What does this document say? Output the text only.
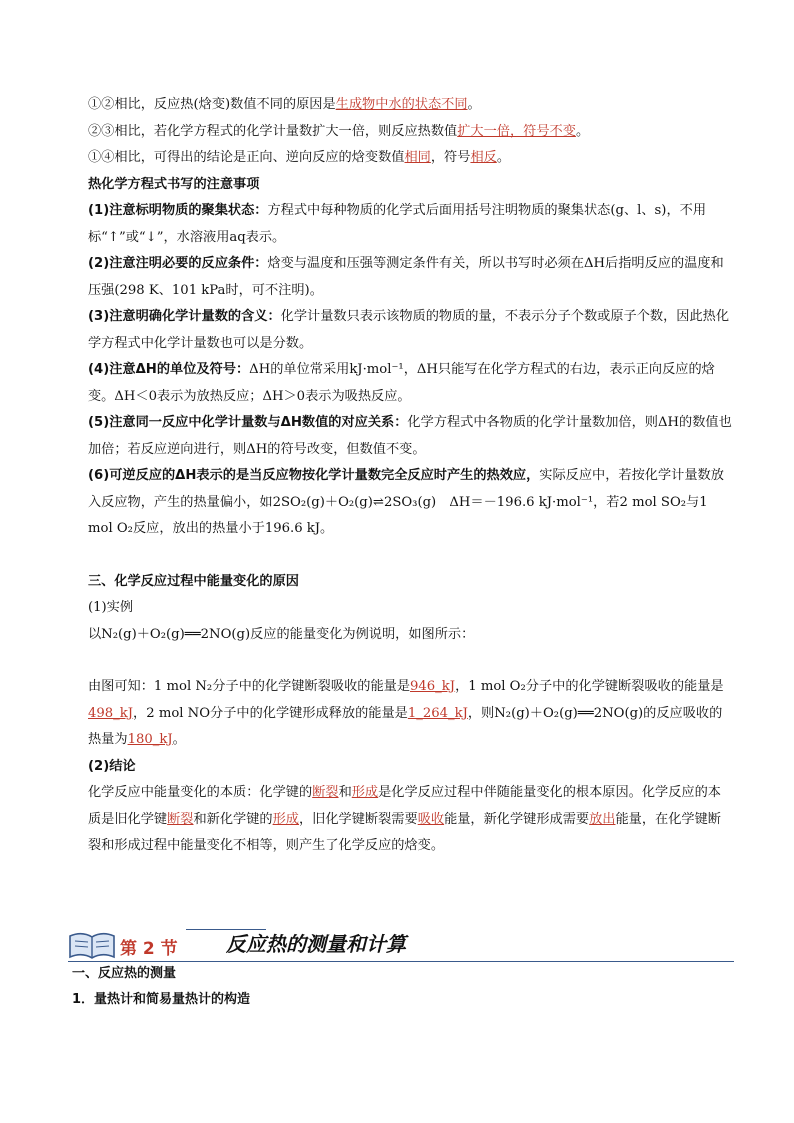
①②相比，反应热(焓变)数值不同的原因是生成物中水的状态不同。

②③相比，若化学方程式的化学计量数扩大一倍，则反应热数值扩大一倍，符号不变。

①④相比，可得出的结论是正向、逆向反应的焓变数值相同，符号相反。

热化学方程式书写的注意事项

(1)注意标明物质的聚集状态：方程式中每种物质的化学式后面用括号注明物质的聚集状态(g、l、s)，不用标“↑”或“↓”，水溶液用aq表示。

(2)注意注明必要的反应条件：焓变与温度和压强等测定条件有关，所以书写时必须在ΔH后指明反应的温度和压强(298 K、101 kPa时，可不注明)。

(3)注意明确化学计量数的含义：化学计量数只表示该物质的物质的量，不表示分子个数或原子个数，因此热化学方程式中化学计量数也可以是分数。

(4)注意ΔH的单位及符号：ΔH的单位常采用kJ·mol⁻¹，ΔH只能写在化学方程式的右边，表示正向反应的焓变。ΔH＜0表示为放热反应；ΔH＞0表示为吸热反应。

(5)注意同一反应中化学计量数与ΔH数值的对应关系：化学方程式中各物质的化学计量数加倍，则ΔH的数值也加倍；若反应逆向进行，则ΔH的符号改变，但数值不变。

(6)可逆反应的ΔH表示的是当反应物按化学计量数完全反应时产生的热效应，实际反应中，若按化学计量数放入反应物，产生的热量偏小，如2SO₂(g)＋O₂(g)⇌2SO₃(g)　ΔH＝－196.6 kJ·mol⁻¹，若2 mol SO₂与1 mol O₂反应，放出的热量小于196.6 kJ。

三、化学反应过程中能量变化的原因

(1)实例

以N₂(g)＋O₂(g)══2NO(g)反应的能量变化为例说明，如图所示：

由图可知：1 mol N₂分子中的化学键断裂吸收的能量是946_kJ，1 mol O₂分子中的化学键断裂吸收的能量是498_kJ，2 mol NO分子中的化学键形成释放的能量是1_264_kJ，则N₂(g)＋O₂(g)══2NO(g)的反应吸收的热量为180_kJ。

(2)结论

化学反应中能量变化的本质：化学键的断裂和形成是化学反应过程中伴随能量变化的根本原因。化学反应的本质是旧化学键断裂和新化学键的形成，旧化学键断裂需要吸收能量，新化学键形成需要放出能量，在化学键断裂和形成过程中能量变化不相等，则产生了化学反应的焓变。

第 2 节 反应热的测量和计算
一、反应热的测量
1．量热计和简易量热计的构造
